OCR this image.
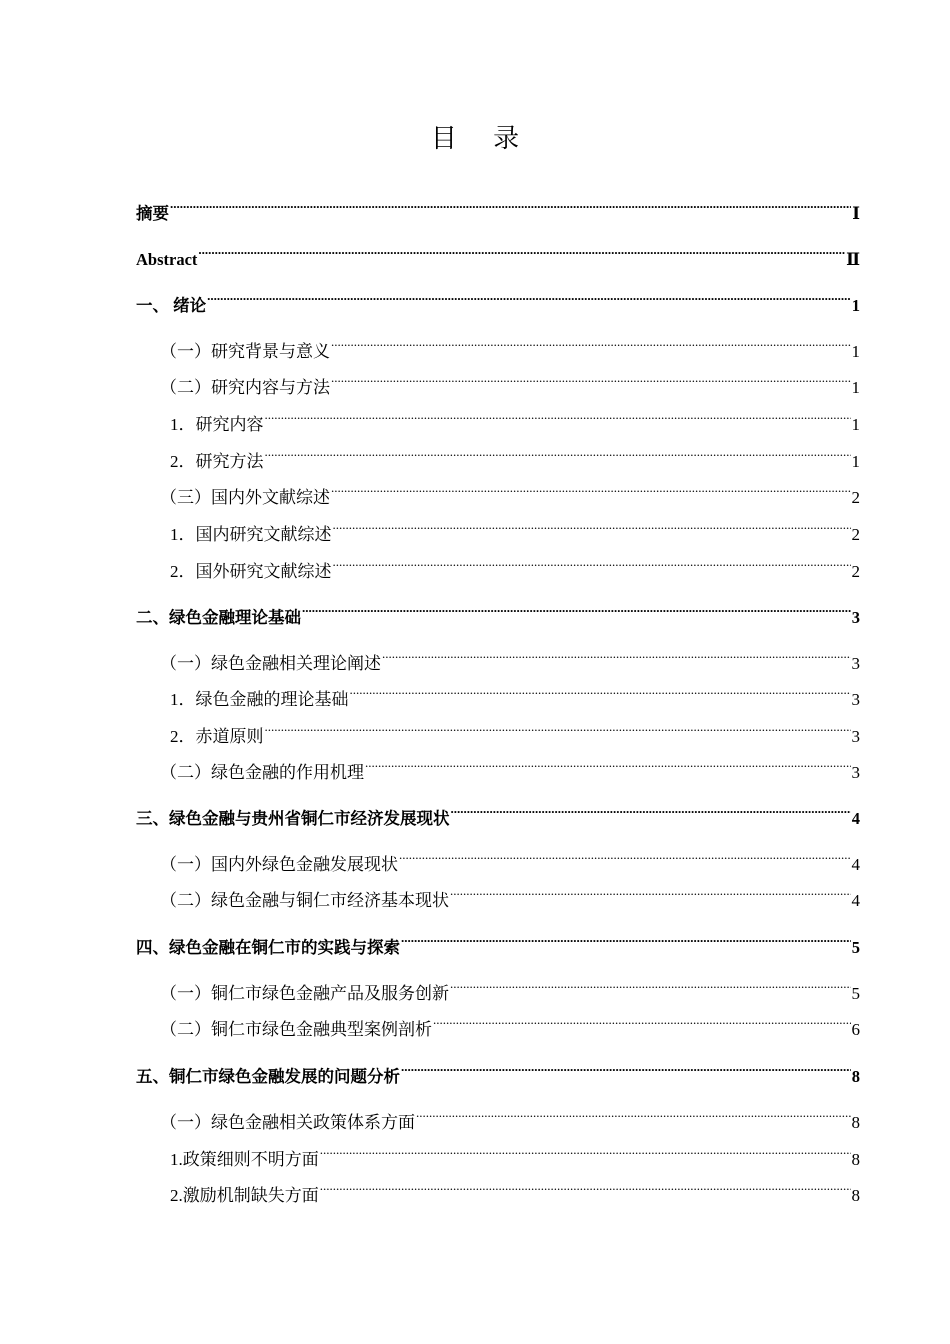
目 录
摘要 .....	Ⅰ
Abstract .....	Ⅱ
一、 绪论 .....	1
（一）研究背景与意义 .....	1
（二）研究内容与方法 .....	1
1．研究内容 .....	1
2．研究方法 .....	1
（三）国内外文献综述 .....	2
1．国内研究文献综述 .....	2
2．国外研究文献综述 .....	2
二、绿色金融理论基础 .....	3
（一）绿色金融相关理论阐述 .....	3
1．绿色金融的理论基础 .....	3
2．赤道原则 .....	3
（二）绿色金融的作用机理 .....	3
三、绿色金融与贵州省铜仁市经济发展现状 .....	4
（一）国内外绿色金融发展现状 .....	4
（二）绿色金融与铜仁市经济基本现状 .....	4
四、绿色金融在铜仁市的实践与探索 .....	5
（一）铜仁市绿色金融产品及服务创新 .....	5
（二）铜仁市绿色金融典型案例剖析 .....	6
五、铜仁市绿色金融发展的问题分析 .....	8
（一）绿色金融相关政策体系方面 .....	8
1.政策细则不明方面 .....	8
2.激励机制缺失方面 .....	8
